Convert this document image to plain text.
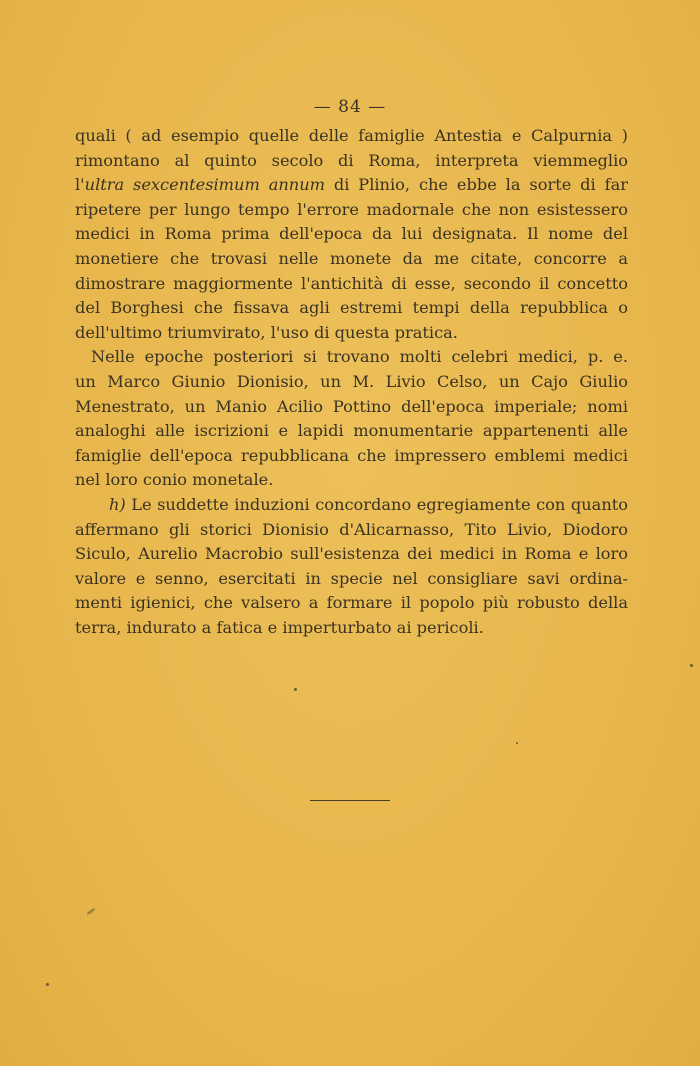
— 84 —
quali ( ad esempio quelle delle famiglie Antestia e Calpurnia )
rimontano al quinto secolo di Roma, interpreta viemmeglio
l'ultra sexcentesimum annum di Plinio, che ebbe la sorte di far
ripetere per lungo tempo l'errore madornale che non esistessero
medici in Roma prima dell'epoca da lui designata. Il nome del
monetiere che trovasi nelle monete da me citate, concorre a
dimostrare maggiormente l'antichità di esse, secondo il concetto
del Borghesi che fissava agli estremi tempi della repubblica o
dell'ultimo triumvirato, l'uso di questa pratica.
Nelle epoche posteriori si trovano molti celebri medici, p. e.
un Marco Giunio Dionisio, un M. Livio Celso, un Cajo Giulio
Menestrato, un Manio Acilio Pottino dell'epoca imperiale; nomi
analoghi alle iscrizioni e lapidi monumentarie appartenenti alle
famiglie dell'epoca repubblicana che impressero emblemi medici
nel loro conio monetale.
h) Le suddette induzioni concordano egregiamente con quanto
affermano gli storici Dionisio d'Alicarnasso, Tito Livio, Diodoro
Siculo, Aurelio Macrobio sull'esistenza dei medici in Roma e loro
valore e senno, esercitati in specie nel consigliare savi ordina-
menti igienici, che valsero a formare il popolo più robusto della
terra, indurato a fatica e imperturbato ai pericoli.
